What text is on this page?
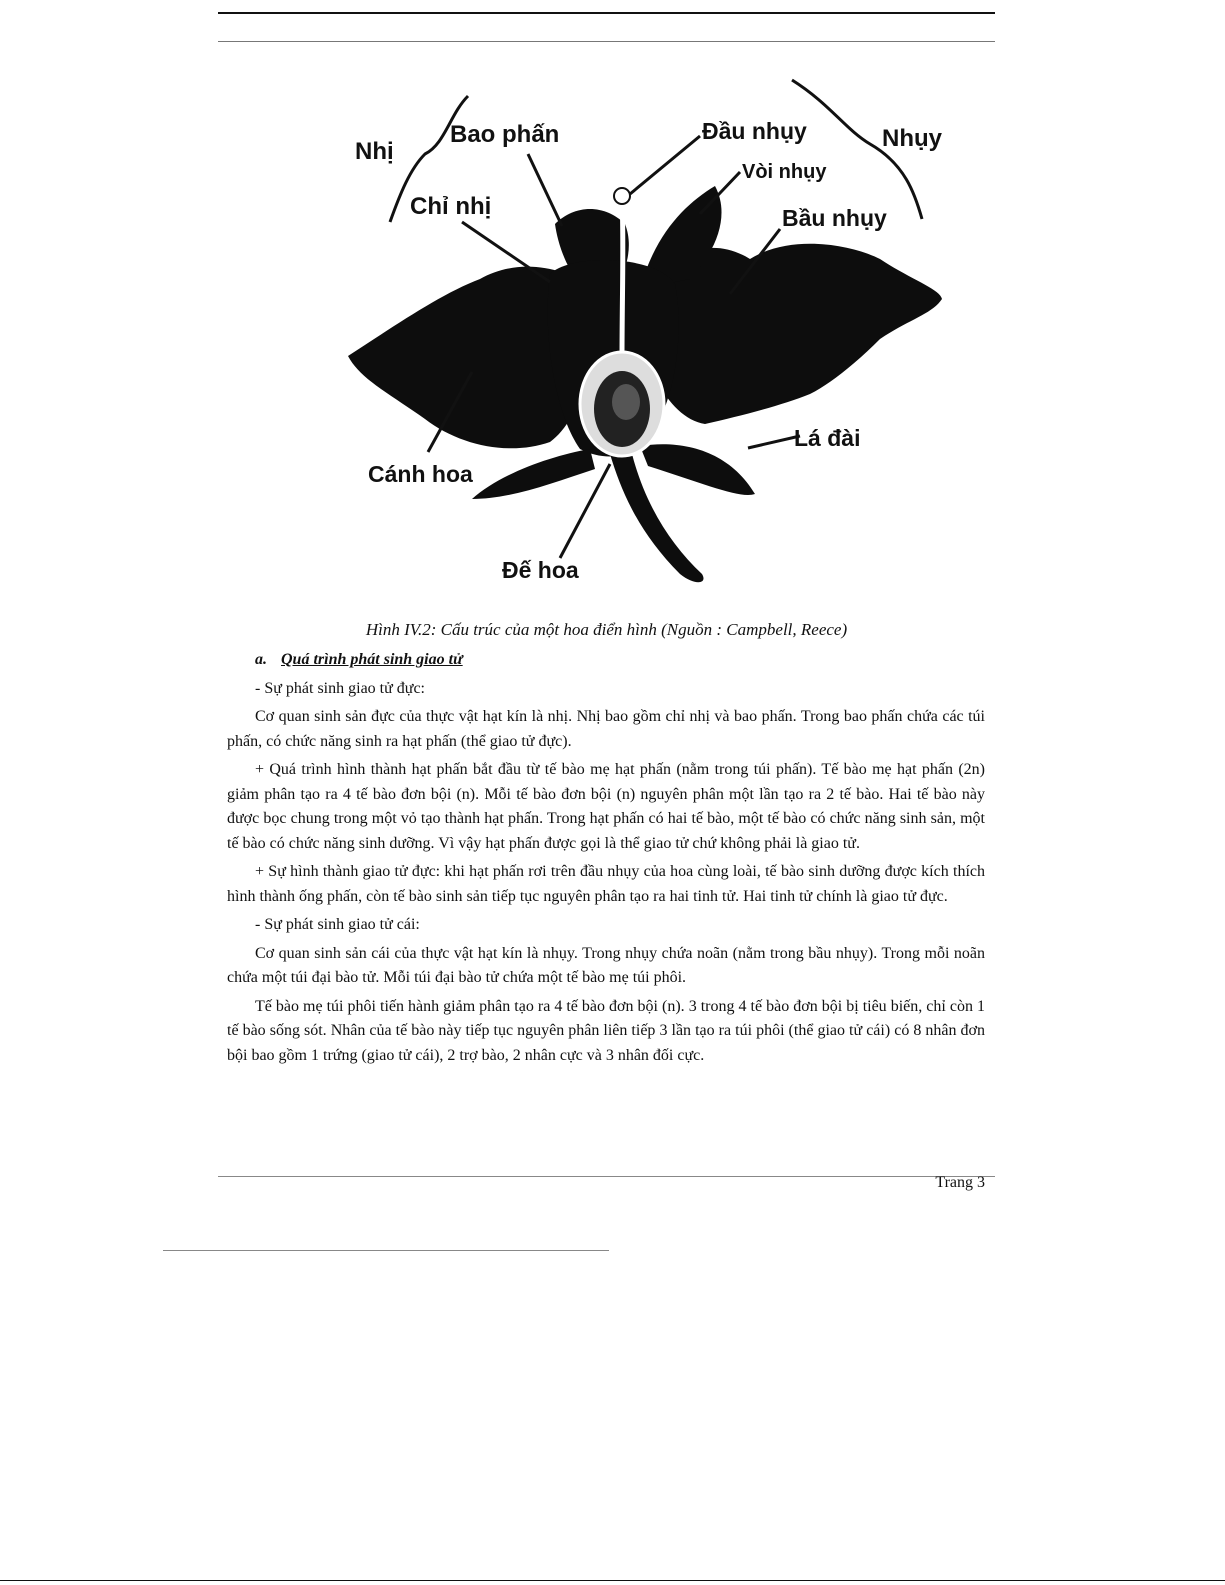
Nhị
Bao phấn
Chỉ nhị
Đầu nhụy
Vòi nhụy
Nhụy
Bầu nhụy
Lá đài
Cánh hoa
Đế hoa
Hình IV.2: Cấu trúc của một hoa điển hình (Nguồn : Campbell, Reece)

a. Quá trình phát sinh giao tử

- Sự phát sinh giao tử đực:

Cơ quan sinh sản đực của thực vật hạt kín là nhị. Nhị bao gồm chỉ nhị và bao phấn. Trong bao phấn chứa các túi phấn, có chức năng sinh ra hạt phấn (thể giao tử đực).

+ Quá trình hình thành hạt phấn bắt đầu từ tế bào mẹ hạt phấn (nằm trong túi phấn). Tế bào mẹ hạt phấn (2n) giảm phân tạo ra 4 tế bào đơn bội (n). Mỗi tế bào đơn bội (n) nguyên phân một lần tạo ra 2 tế bào. Hai tế bào này được bọc chung trong một vỏ tạo thành hạt phấn. Trong hạt phấn có hai tế bào, một tế bào có chức năng sinh sản, một tế bào có chức năng sinh dưỡng. Vì vậy hạt phấn được gọi là thể giao tử chứ không phải là giao tử.

+ Sự hình thành giao tử đực: khi hạt phấn rơi trên đầu nhụy của hoa cùng loài, tế bào sinh dưỡng được kích thích hình thành ống phấn, còn tế bào sinh sản tiếp tục nguyên phân tạo ra hai tinh tử. Hai tinh tử chính là giao tử đực.

- Sự phát sinh giao tử cái:

Cơ quan sinh sản cái của thực vật hạt kín là nhụy. Trong nhụy chứa noãn (nằm trong bầu nhụy). Trong mỗi noãn chứa một túi đại bào tử. Mỗi túi đại bào tử chứa một tế bào mẹ túi phôi.

Tế bào mẹ túi phôi tiến hành giảm phân tạo ra 4 tế bào đơn bội (n). 3 trong 4 tế bào đơn bội bị tiêu biến, chỉ còn 1 tế bào sống sót. Nhân của tế bào này tiếp tục nguyên phân liên tiếp 3 lần tạo ra túi phôi (thể giao tử cái) có 8 nhân đơn bội bao gồm 1 trứng (giao tử cái), 2 trợ bào, 2 nhân cực và 3 nhân đối cực.

Trang 3
